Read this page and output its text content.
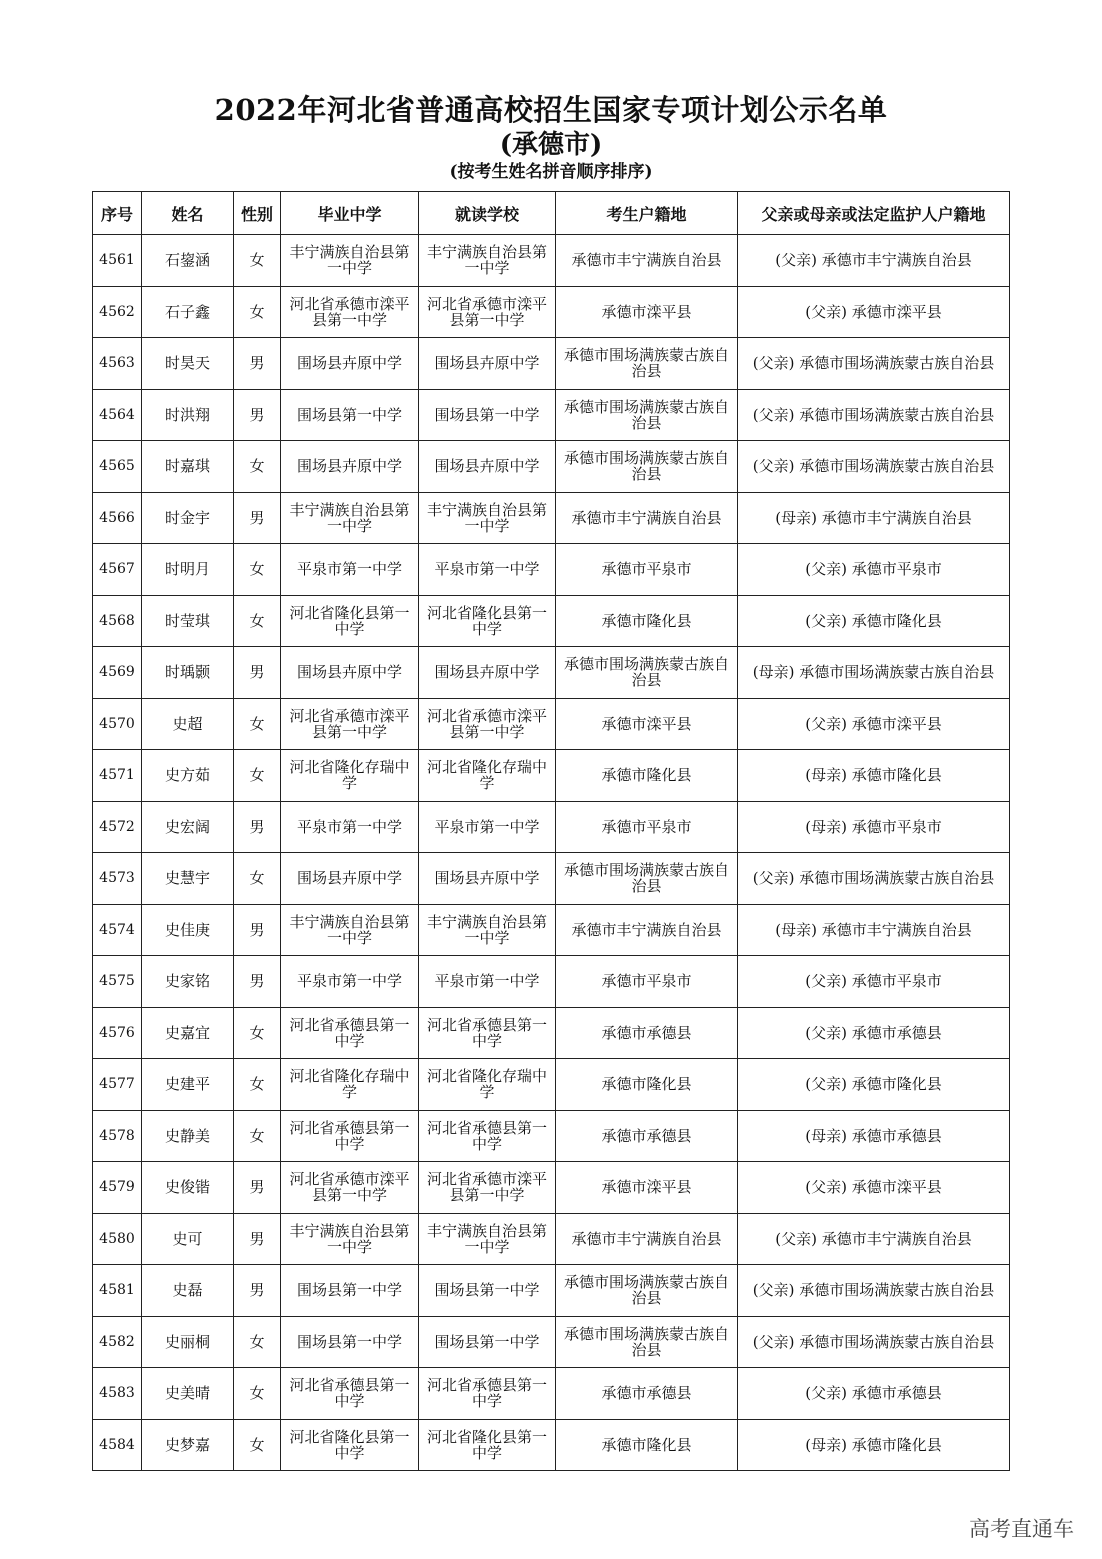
2022年河北省普通高校招生国家专项计划公示名单
(承德市)
(按考生姓名拼音顺序排序)
序号	姓名	性别	毕业中学	就读学校	考生户籍地	父亲或母亲或法定监护人户籍地
4561	石鋆涵	女	丰宁满族自治县第一中学	丰宁满族自治县第一中学	承德市丰宁满族自治县	(父亲) 承德市丰宁满族自治县
4562	石子鑫	女	河北省承德市滦平县第一中学	河北省承德市滦平县第一中学	承德市滦平县	(父亲) 承德市滦平县
4563	时昊天	男	围场县卉原中学	围场县卉原中学	承德市围场满族蒙古族自治县	(父亲) 承德市围场满族蒙古族自治县
4564	时洪翔	男	围场县第一中学	围场县第一中学	承德市围场满族蒙古族自治县	(父亲) 承德市围场满族蒙古族自治县
4565	时嘉琪	女	围场县卉原中学	围场县卉原中学	承德市围场满族蒙古族自治县	(父亲) 承德市围场满族蒙古族自治县
4566	时金宇	男	丰宁满族自治县第一中学	丰宁满族自治县第一中学	承德市丰宁满族自治县	(母亲) 承德市丰宁满族自治县
4567	时明月	女	平泉市第一中学	平泉市第一中学	承德市平泉市	(父亲) 承德市平泉市
4568	时莹琪	女	河北省隆化县第一中学	河北省隆化县第一中学	承德市隆化县	(父亲) 承德市隆化县
4569	时瑀颢	男	围场县卉原中学	围场县卉原中学	承德市围场满族蒙古族自治县	(母亲) 承德市围场满族蒙古族自治县
4570	史超	女	河北省承德市滦平县第一中学	河北省承德市滦平县第一中学	承德市滦平县	(父亲) 承德市滦平县
4571	史方茹	女	河北省隆化存瑞中学	河北省隆化存瑞中学	承德市隆化县	(母亲) 承德市隆化县
4572	史宏阔	男	平泉市第一中学	平泉市第一中学	承德市平泉市	(母亲) 承德市平泉市
4573	史慧宇	女	围场县卉原中学	围场县卉原中学	承德市围场满族蒙古族自治县	(父亲) 承德市围场满族蒙古族自治县
4574	史佳庚	男	丰宁满族自治县第一中学	丰宁满族自治县第一中学	承德市丰宁满族自治县	(母亲) 承德市丰宁满族自治县
4575	史家铭	男	平泉市第一中学	平泉市第一中学	承德市平泉市	(父亲) 承德市平泉市
4576	史嘉宜	女	河北省承德县第一中学	河北省承德县第一中学	承德市承德县	(父亲) 承德市承德县
4577	史建平	女	河北省隆化存瑞中学	河北省隆化存瑞中学	承德市隆化县	(父亲) 承德市隆化县
4578	史静美	女	河北省承德县第一中学	河北省承德县第一中学	承德市承德县	(母亲) 承德市承德县
4579	史俊锴	男	河北省承德市滦平县第一中学	河北省承德市滦平县第一中学	承德市滦平县	(父亲) 承德市滦平县
4580	史可	男	丰宁满族自治县第一中学	丰宁满族自治县第一中学	承德市丰宁满族自治县	(父亲) 承德市丰宁满族自治县
4581	史磊	男	围场县第一中学	围场县第一中学	承德市围场满族蒙古族自治县	(父亲) 承德市围场满族蒙古族自治县
4582	史丽桐	女	围场县第一中学	围场县第一中学	承德市围场满族蒙古族自治县	(父亲) 承德市围场满族蒙古族自治县
4583	史美晴	女	河北省承德县第一中学	河北省承德县第一中学	承德市承德县	(父亲) 承德市承德县
4584	史梦嘉	女	河北省隆化县第一中学	河北省隆化县第一中学	承德市隆化县	(母亲) 承德市隆化县
高考直通车
